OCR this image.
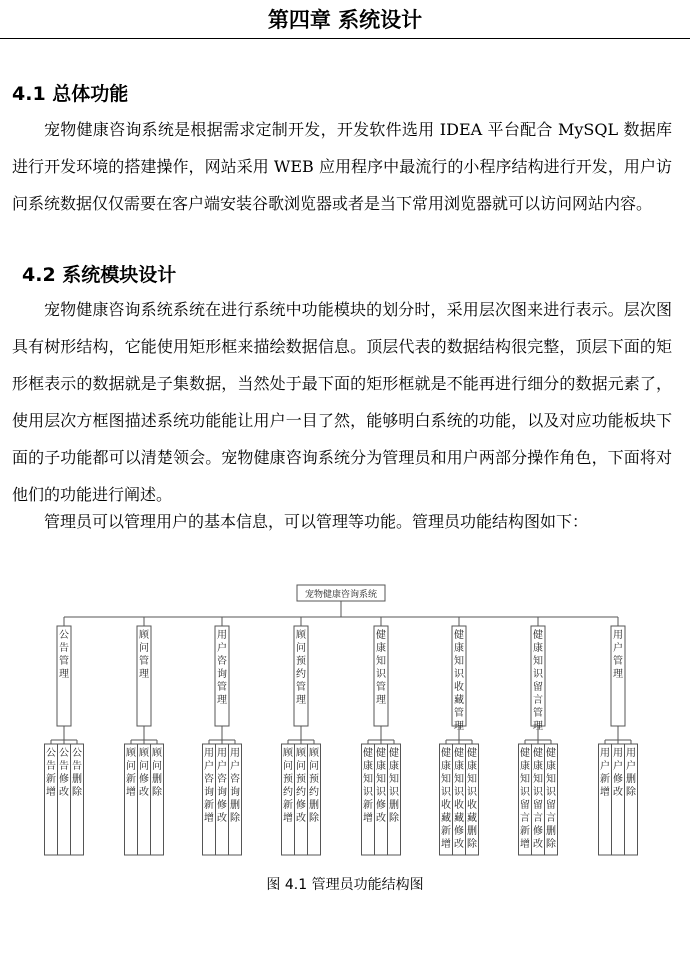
第四章 系统设计
4.1 总体功能
宠物健康咨询系统是根据需求定制开发，开发软件选用 IDEA 平台配合 MySQL 数据库进行开发环境的搭建操作，网站采用 WEB 应用程序中最流行的小程序结构进行开发，用户访问系统数据仅仅需要在客户端安装谷歌浏览器或者是当下常用浏览器就可以访问网站内容。
4.2 系统模块设计
宠物健康咨询系统系统在进行系统中功能模块的划分时，采用层次图来进行表示。层次图具有树形结构，它能使用矩形框来描绘数据信息。顶层代表的数据结构很完整，顶层下面的矩形框表示的数据就是子集数据，当然处于最下面的矩形框就是不能再进行细分的数据元素了，使用层次方框图描述系统功能能让用户一目了然，能够明白系统的功能，以及对应功能板块下面的子功能都可以清楚领会。宠物健康咨询系统分为管理员和用户两部分操作角色，下面将对他们的功能进行阐述。
管理员可以管理用户的基本信息，可以管理等功能。管理员功能结构图如下：
宠物健康咨询系统
公告管理
公告新增
公告修改
公告删除
顾问管理
顾问新增
顾问修改
顾问删除
用户咨询管理
用户咨询新增
用户咨询修改
用户咨询删除
顾问预约管理
顾问预约新增
顾问预约修改
顾问预约删除
健康知识管理
健康知识新增
健康知识修改
健康知识删除
健康知识收藏管理
健康知识收藏新增
健康知识收藏修改
健康知识收藏删除
健康知识留言管理
健康知识留言新增
健康知识留言修改
健康知识留言删除
用户管理
用户新增
用户修改
用户删除
图 4.1 管理员功能结构图
